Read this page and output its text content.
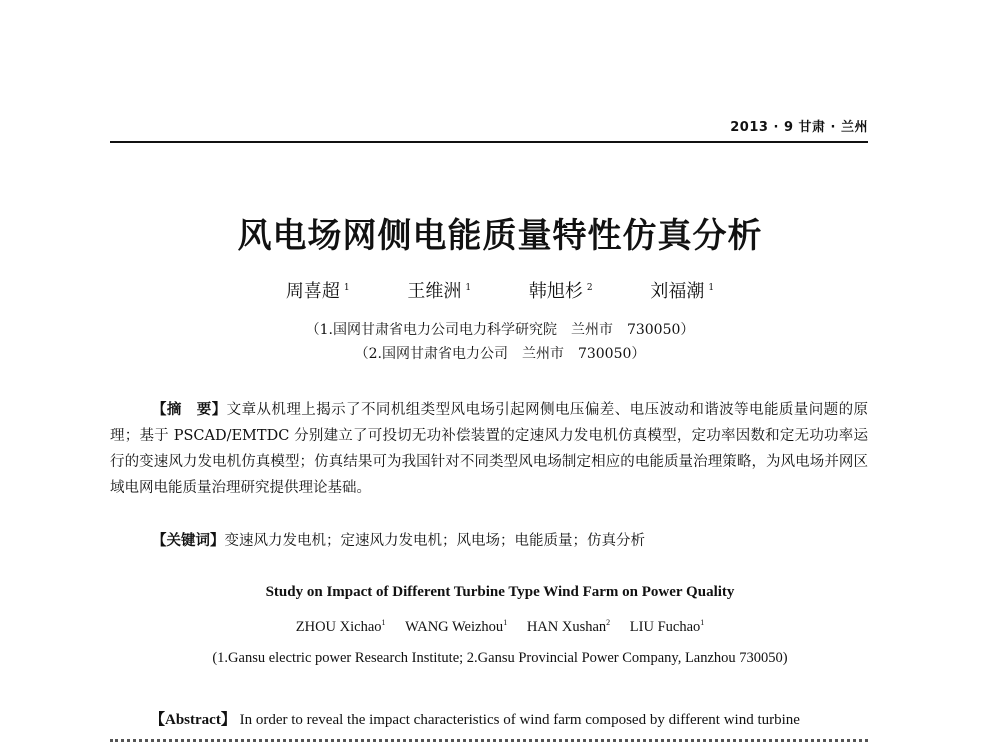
2013 · 9 甘肃 · 兰州
风电场网侧电能质量特性仿真分析
周喜超 $^1$	王维洲 $^1$	韩旭杉 $^2$	刘福潮 $^1$
（1.国网甘肃省电力公司电力科学研究院　兰州市　730050）
（2.国网甘肃省电力公司　兰州市　730050）

【摘　要】文章从机理上揭示了不同机组类型风电场引起网侧电压偏差、电压波动和谐波等电能质量问题的原理；基于 PSCAD/EMTDC 分别建立了可投切无功补偿装置的定速风力发电机仿真模型，定功率因数和定无功功率运行的变速风力发电机仿真模型；仿真结果可为我国针对不同类型风电场制定相应的电能质量治理策略，为风电场并网区域电网电能质量治理研究提供理论基础。

【关键词】变速风力发电机；定速风力发电机；风电场；电能质量；仿真分析

Study on Impact of Different Turbine Type Wind Farm on Power Quality
ZHOU Xichao$^1$ WANG Weizhou$^1$ HAN Xushan$^2$ LIU Fuchao$^1$
(1.Gansu electric power Research Institute; 2.Gansu Provincial Power Company, Lanzhou 730050)

【Abstract】 In order to reveal the impact characteristics of wind farm composed by different wind turbine
